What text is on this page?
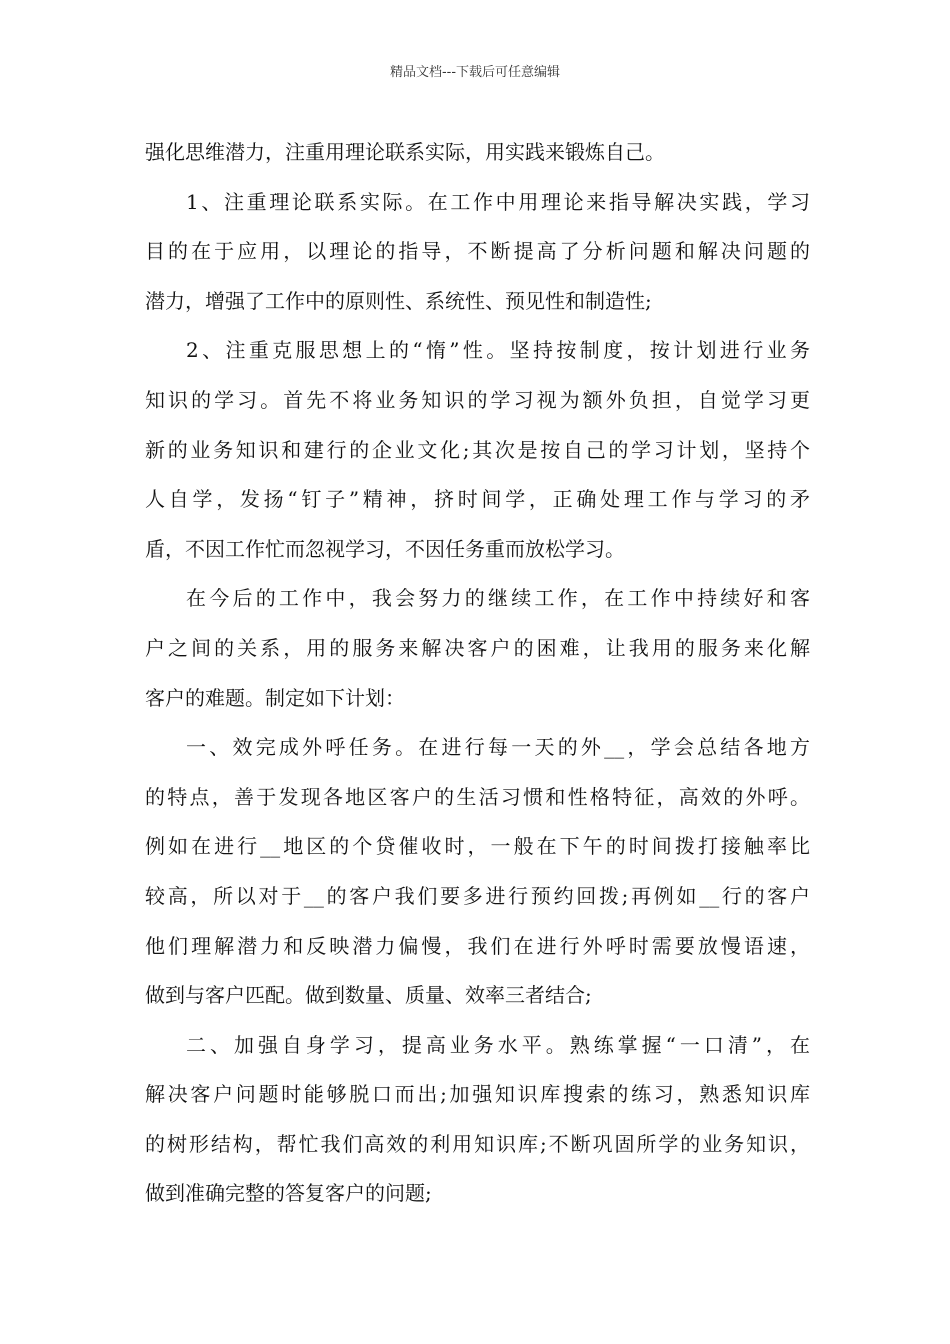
精品文档---下载后可任意编辑
强化思维潜力，注重用理论联系实际，用实践来锻炼自己。
1、注重理论联系实际。在工作中用理论来指导解决实践，学习
目的在于应用，以理论的指导，不断提高了分析问题和解决问题的
潜力，增强了工作中的原则性、系统性、预见性和制造性;
2、注重克服思想上的“惰”性。坚持按制度，按计划进行业务
知识的学习。首先不将业务知识的学习视为额外负担，自觉学习更
新的业务知识和建行的企业文化;其次是按自己的学习计划，坚持个
人自学，发扬“钉子”精神，挤时间学，正确处理工作与学习的矛
盾，不因工作忙而忽视学习，不因任务重而放松学习。
在今后的工作中，我会努力的继续工作，在工作中持续好和客
户之间的关系，用的服务来解决客户的困难，让我用的服务来化解
客户的难题。制定如下计划：
一、效完成外呼任务。在进行每一天的外__，学会总结各地方
的特点，善于发现各地区客户的生活习惯和性格特征，高效的外呼。
例如在进行__地区的个贷催收时，一般在下午的时间拨打接触率比
较高，所以对于__的客户我们要多进行预约回拨;再例如__行的客户
他们理解潜力和反映潜力偏慢，我们在进行外呼时需要放慢语速，
做到与客户匹配。做到数量、质量、效率三者结合;
二、加强自身学习，提高业务水平。熟练掌握“一口清”，在
解决客户问题时能够脱口而出;加强知识库搜索的练习，熟悉知识库
的树形结构，帮忙我们高效的利用知识库;不断巩固所学的业务知识，
做到准确完整的答复客户的问题;
